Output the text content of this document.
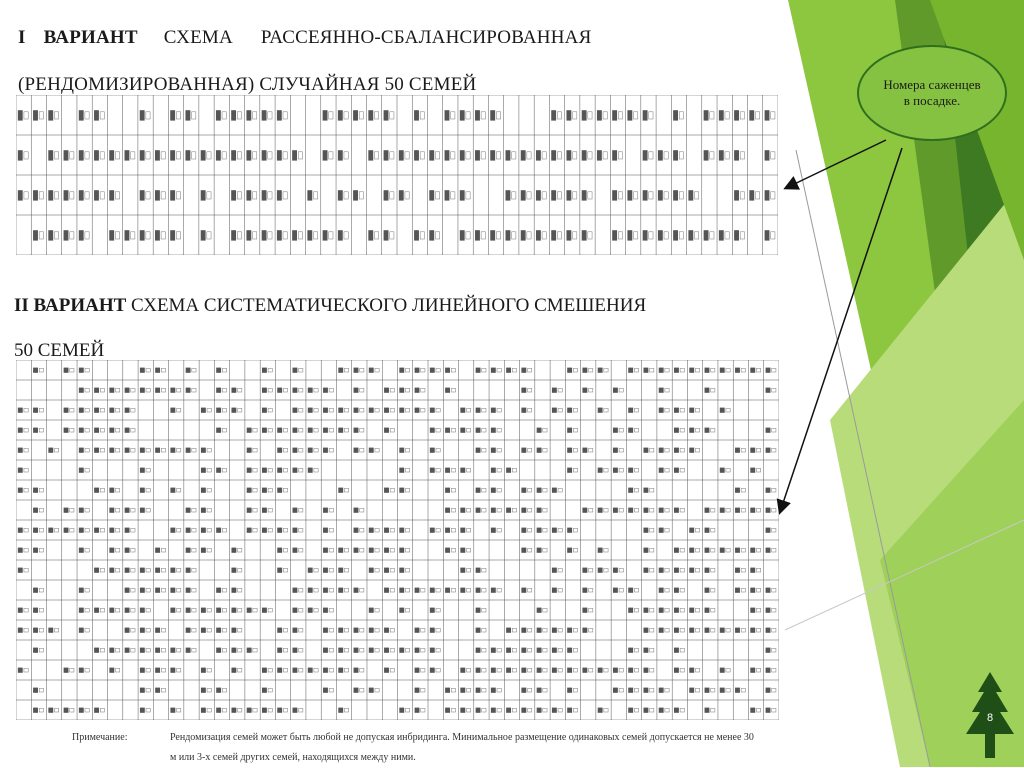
I ВАРИАНТ СХЕМА РАССЕЯННО-СБАЛАНСИРОВАННАЯ
(РЕНДОМИЗИРОВАННАЯ) СЛУЧАЙНАЯ 50 СЕМЕЙ
II ВАРИАНТ СХЕМА СИСТЕМАТИЧЕСКОГО ЛИНЕЙНОГО СМЕШЕНИЯ
50 СЕМЕЙ
Примечание:	Рендомизация семей может быть любой не допуская инбридинга. Минимальное размещение одинаковых семей допускается не менее 30 м или 3-х семей других семей, находящихся между ними.
Номера саженцев в посадке.
8
